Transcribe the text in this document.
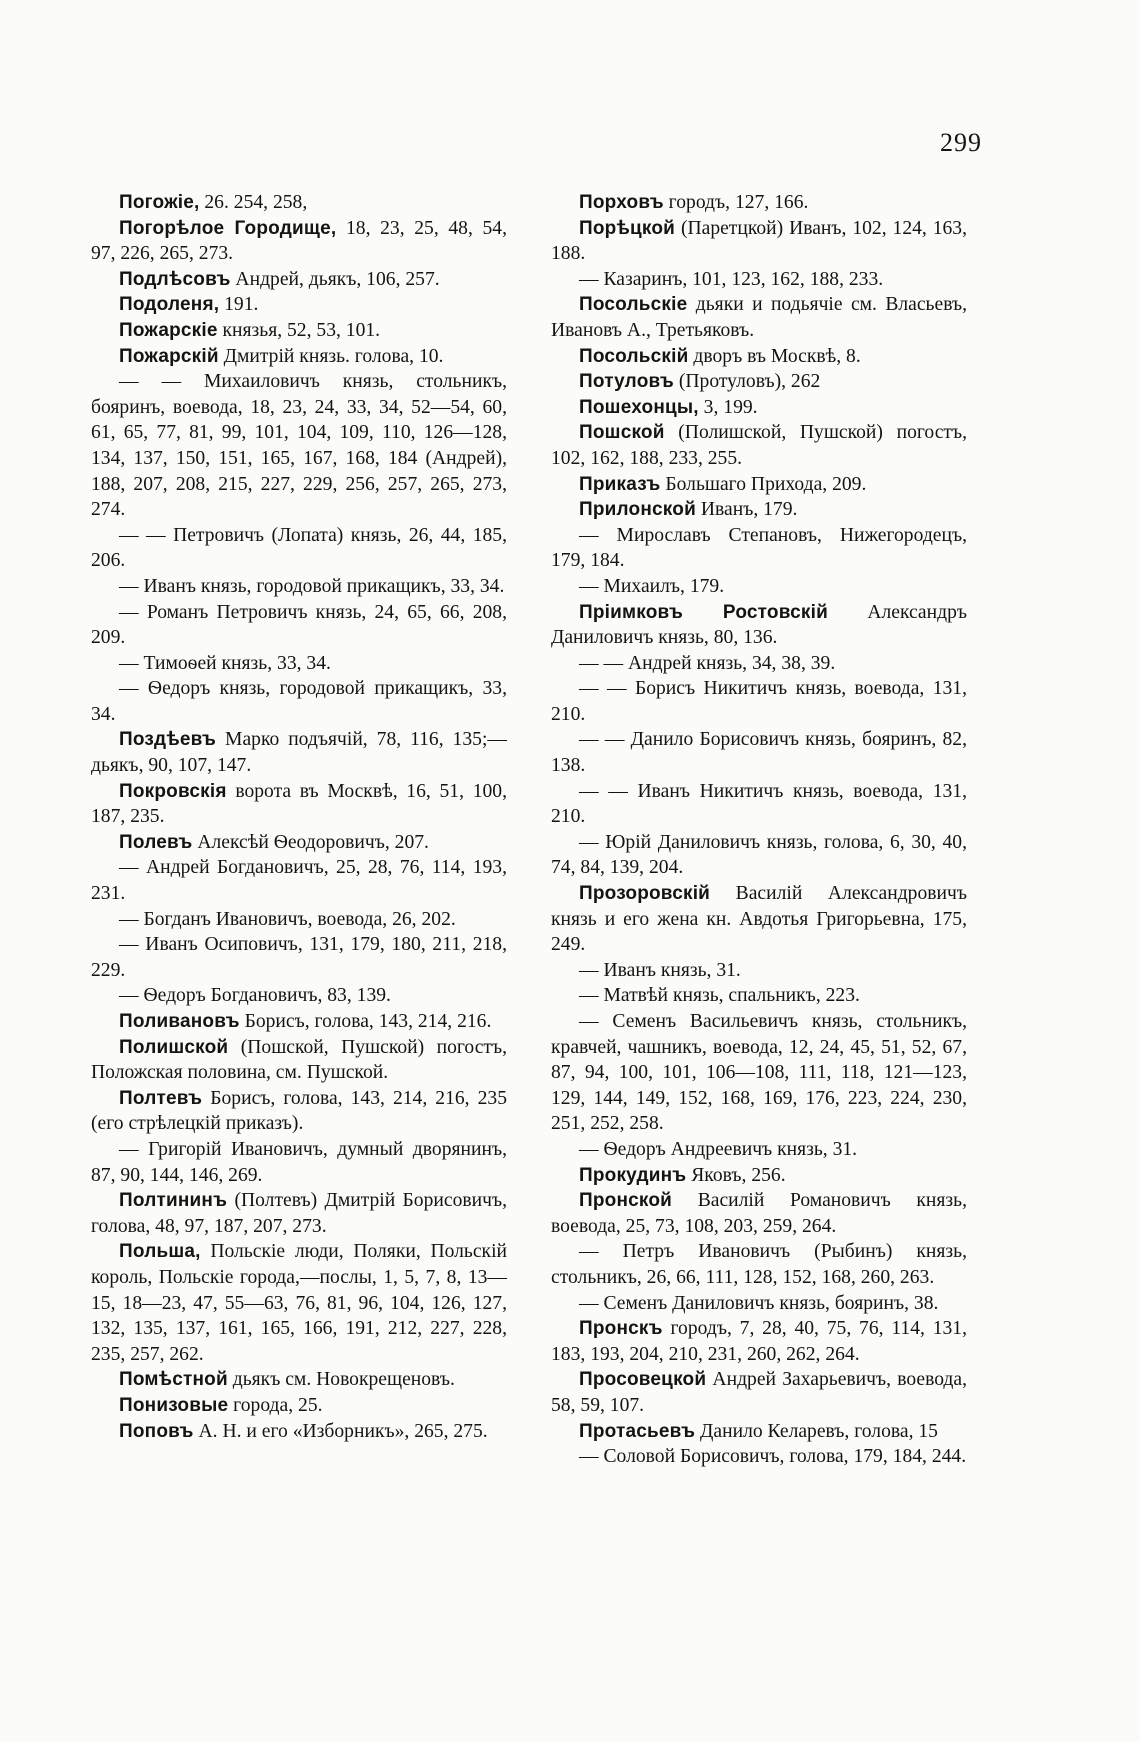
299

Погожіе, 26. 254, 258,

Погорѣлое Городище, 18, 23, 25, 48, 54, 97, 226, 265, 273.

Подлѣсовъ Андрей, дьякъ, 106, 257.

Подоленя, 191.

Пожарскіе князья, 52, 53, 101.

Пожарскій Дмитрій князь. голова, 10.

— — Михаиловичъ князь, стольникъ, бояринъ, воевода, 18, 23, 24, 33, 34, 52—54, 60, 61, 65, 77, 81, 99, 101, 104, 109, 110, 126—128, 134, 137, 150, 151, 165, 167, 168, 184 (Андрей), 188, 207, 208, 215, 227, 229, 256, 257, 265, 273, 274.

— — Петровичъ (Лопата) князь, 26, 44, 185, 206.

— Иванъ князь, городовой прикащикъ, 33, 34.

— Романъ Петровичъ князь, 24, 65, 66, 208, 209.

— Тимоѳей князь, 33, 34.

— Ѳедоръ князь, городовой прикащикъ, 33, 34.

Поздѣевъ Марко подъячій, 78, 116, 135;—дьякъ, 90, 107, 147.

Покровскія ворота въ Москвѣ, 16, 51, 100, 187, 235.

Полевъ Алексѣй Ѳеодоровичъ, 207.

— Андрей Богдановичъ, 25, 28, 76, 114, 193, 231.

— Богданъ Ивановичъ, воевода, 26, 202.

— Иванъ Осиповичъ, 131, 179, 180, 211, 218, 229.

— Ѳедоръ Богдановичъ, 83, 139.

Поливановъ Борисъ, голова, 143, 214, 216.

Полишской (Пошской, Пушской) погостъ, Положская половина, см. Пушской.

Полтевъ Борисъ, голова, 143, 214, 216, 235 (его стрѣлецкій приказъ).

— Григорій Ивановичъ, думный дворянинъ, 87, 90, 144, 146, 269.

Полтининъ (Полтевъ) Дмитрій Борисовичъ, голова, 48, 97, 187, 207, 273.

Польша, Польскіе люди, Поляки, Польскій король, Польскіе города,—послы, 1, 5, 7, 8, 13—15, 18—23, 47, 55—63, 76, 81, 96, 104, 126, 127, 132, 135, 137, 161, 165, 166, 191, 212, 227, 228, 235, 257, 262.

Помѣстной дьякъ см. Новокрещеновъ.

Понизовые города, 25.

Поповъ А. Н. и его «Изборникъ», 265, 275.

Порховъ городъ, 127, 166.

Порѣцкой (Паретцкой) Иванъ, 102, 124, 163, 188.

— Казаринъ, 101, 123, 162, 188, 233.

Посольскіе дьяки и подьячіе см. Власьевъ, Ивановъ А., Третьяковъ.

Посольскій дворъ въ Москвѣ, 8.

Потуловъ (Протуловъ), 262

Пошехонцы, 3, 199.

Пошской (Полишской, Пушской) погостъ, 102, 162, 188, 233, 255.

Приказъ Большаго Прихода, 209.

Прилонской Иванъ, 179.

— Мирославъ Степановъ, Нижегородецъ, 179, 184.

— Михаилъ, 179.

Пріимковъ Ростовскій Александръ Даниловичъ князь, 80, 136.

— — Андрей князь, 34, 38, 39.

— — Борисъ Никитичъ князь, воевода, 131, 210.

— — Данило Борисовичъ князь, бояринъ, 82, 138.

— — Иванъ Никитичъ князь, воевода, 131, 210.

— Юрій Даниловичъ князь, голова, 6, 30, 40, 74, 84, 139, 204.

Прозоровскій Василій Александровичъ князь и его жена кн. Авдотья Григорьевна, 175, 249.

— Иванъ князь, 31.

— Матвѣй князь, спальникъ, 223.

— Семенъ Васильевичъ князь, стольникъ, кравчей, чашникъ, воевода, 12, 24, 45, 51, 52, 67, 87, 94, 100, 101, 106—108, 111, 118, 121—123, 129, 144, 149, 152, 168, 169, 176, 223, 224, 230, 251, 252, 258.

— Ѳедоръ Андреевичъ князь, 31.

Прокудинъ Яковъ, 256.

Пронской Василій Романовичъ князь, воевода, 25, 73, 108, 203, 259, 264.

— Петръ Ивановичъ (Рыбинъ) князь, стольникъ, 26, 66, 111, 128, 152, 168, 260, 263.

— Семенъ Даниловичъ князь, бояринъ, 38.

Пронскъ городъ, 7, 28, 40, 75, 76, 114, 131, 183, 193, 204, 210, 231, 260, 262, 264.

Просовецкой Андрей Захарьевичъ, воевода, 58, 59, 107.

Протасьевъ Данило Келаревъ, голова, 15

— Соловой Борисовичъ, голова, 179, 184, 244.
